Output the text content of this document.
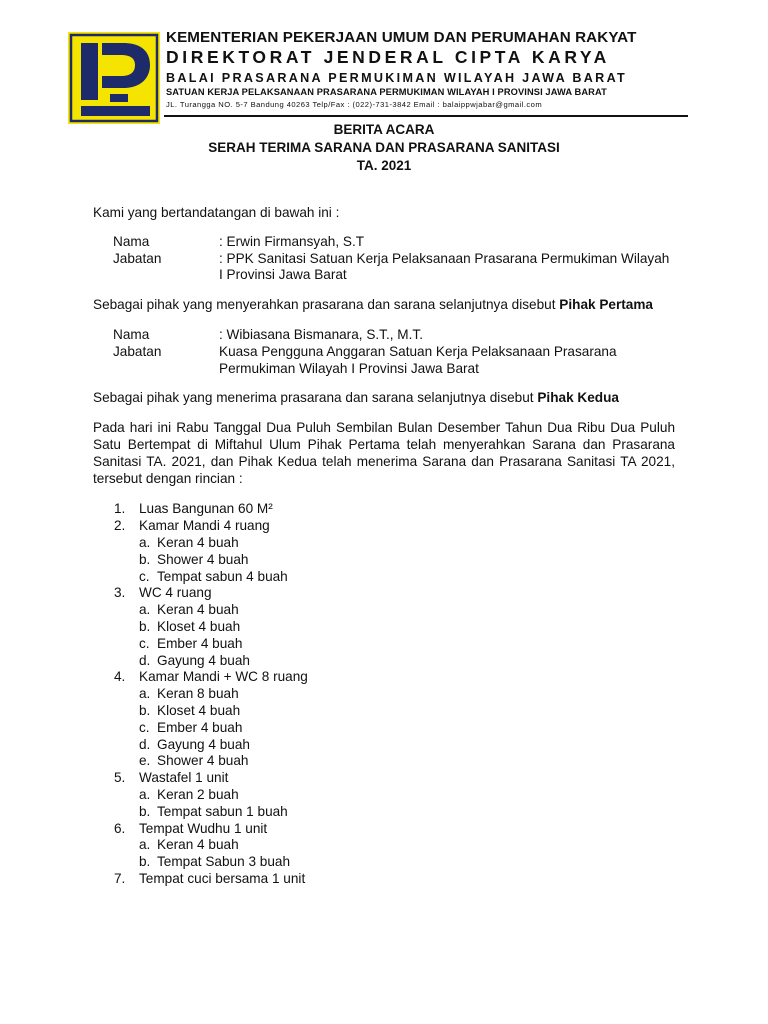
KEMENTERIAN PEKERJAAN UMUM DAN PERUMAHAN RAKYAT
DIREKTORAT JENDERAL CIPTA KARYA
BALAI PRASARANA PERMUKIMAN WILAYAH JAWA BARAT
SATUAN KERJA PELAKSANAAN PRASARANA PERMUKIMAN WILAYAH I PROVINSI JAWA BARAT
JL. Turangga NO. 5-7 Bandung 40263 Telp/Fax : (022)-731-3842 Email : balaippwjabar@gmail.com
BERITA ACARA
SERAH TERIMA SARANA DAN PRASARANA SANITASI
TA. 2021

Kami yang bertandatangan di bawah ini :

Nama	: Erwin Firmansyah, S.T
Jabatan	: PPK Sanitasi Satuan Kerja Pelaksanaan Prasarana Permukiman Wilayah I Provinsi Jawa Barat

Sebagai pihak yang menyerahkan prasarana dan sarana selanjutnya disebut Pihak Pertama

Nama	: Wibiasana Bismanara, S.T., M.T.
Jabatan	Kuasa Pengguna Anggaran Satuan Kerja Pelaksanaan Prasarana Permukiman Wilayah I Provinsi Jawa Barat

Sebagai pihak yang menerima prasarana dan sarana selanjutnya disebut Pihak Kedua

Pada hari ini Rabu Tanggal Dua Puluh Sembilan Bulan Desember Tahun Dua Ribu Dua Puluh Satu Bertempat di Miftahul Ulum Pihak Pertama telah menyerahkan Sarana dan Prasarana Sanitasi TA. 2021, dan Pihak Kedua telah menerima Sarana dan Prasarana Sanitasi TA 2021, tersebut dengan rincian :

1. Luas Bangunan 60 M²
2. Kamar Mandi 4 ruang
a. Keran 4 buah
b. Shower 4 buah
c. Tempat sabun 4 buah
3. WC 4 ruang
a. Keran 4 buah
b. Kloset 4 buah
c. Ember 4 buah
d. Gayung 4 buah
4. Kamar Mandi + WC 8 ruang
a. Keran 8 buah
b. Kloset 4 buah
c. Ember 4 buah
d. Gayung 4 buah
e. Shower 4 buah
5. Wastafel 1 unit
a. Keran 2 buah
b. Tempat sabun 1 buah
6. Tempat Wudhu 1 unit
a. Keran 4 buah
b. Tempat Sabun 3 buah
7. Tempat cuci bersama 1 unit
